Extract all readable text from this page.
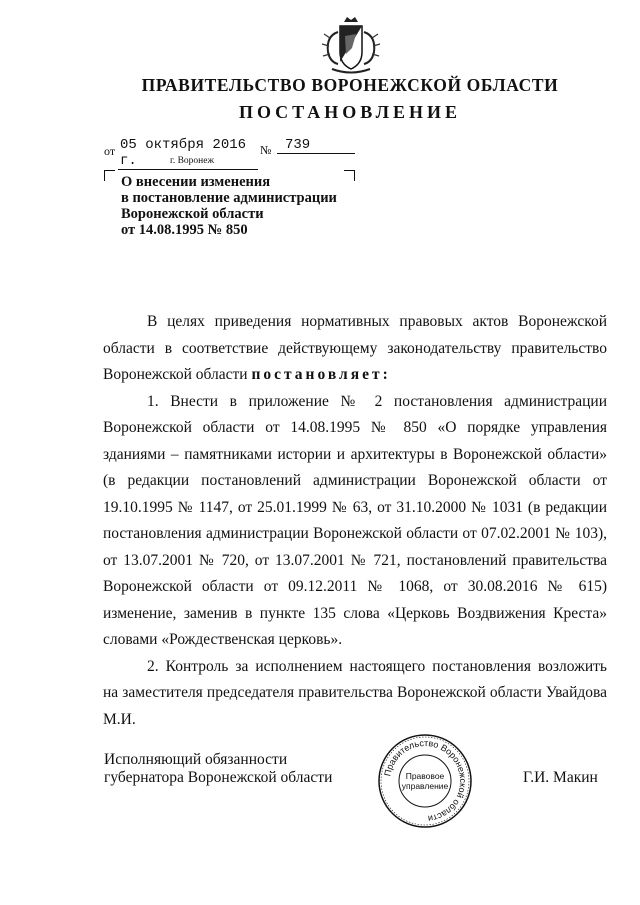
ПРАВИТЕЛЬСТВО ВОРОНЕЖСКОЙ ОБЛАСТИ
ПОСТАНОВЛЕНИЕ
от 05 октября 2016 г.
№ 739
г. Воронеж
О внесении изменения
в постановление администрации
Воронежской области
от 14.08.1995 № 850

В целях приведения нормативных правовых актов Воронежской области в соответствие действующему законодательству правительство Воронежской области постановляет:

1. Внести в приложение № 2 постановления администрации Воронежской области от 14.08.1995 № 850 «О порядке управления зданиями – памятниками истории и архитектуры в Воронежской области» (в редакции постановлений администрации Воронежской области от 19.10.1995 № 1147, от 25.01.1999 № 63, от 31.10.2000 № 1031 (в редакции постановления администрации Воронежской области от 07.02.2001 № 103), от 13.07.2001 № 720, от 13.07.2001 № 721, постановлений правительства Воронежской области от 09.12.2011 № 1068, от 30.08.2016 № 615) изменение, заменив в пункте 135 слова «Церковь Воздвижения Креста» словами «Рождественская церковь».

2. Контроль за исполнением настоящего постановления возложить на заместителя председателя правительства Воронежской области Увайдова М.И.

Исполняющий обязанности
губернатора Воронежской области	Г.И. Макин
Правительство Воронежской области
Правовое
управление
